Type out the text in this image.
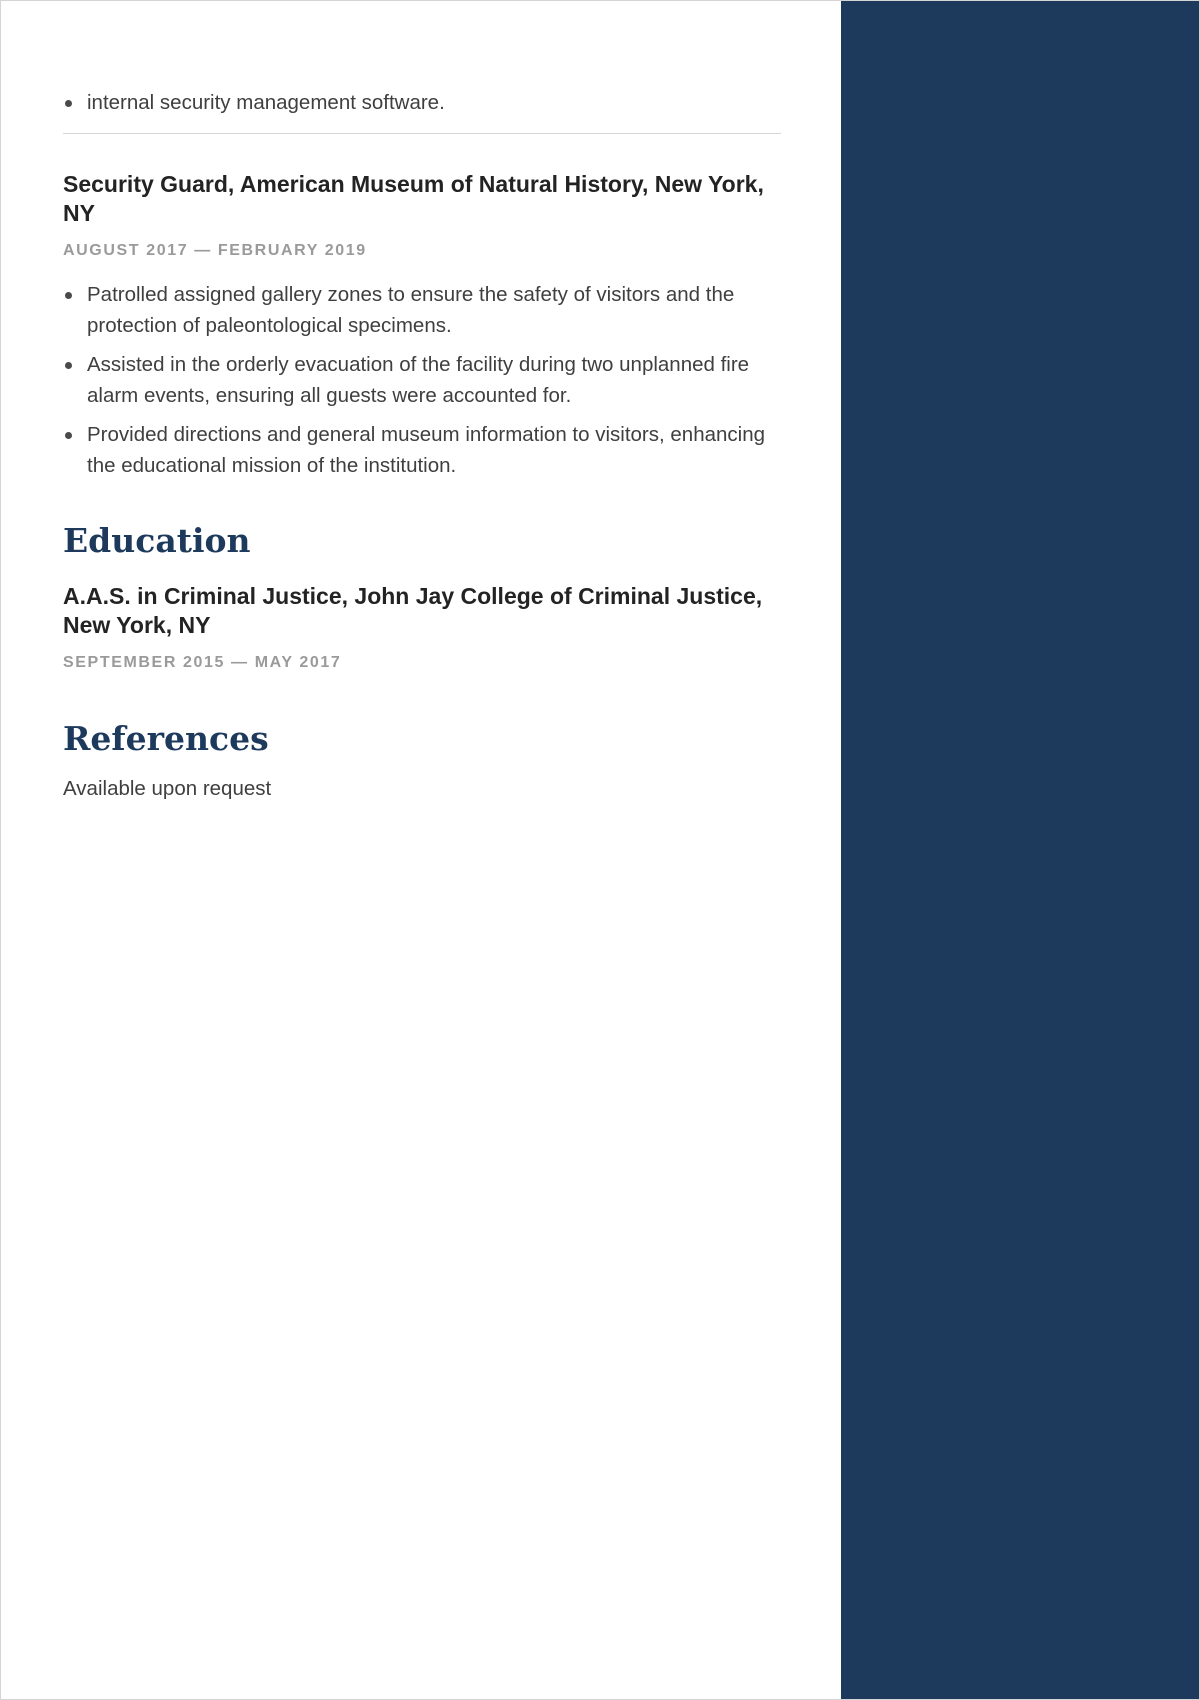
internal security management software.
Security Guard, American Museum of Natural History, New York, NY
AUGUST 2017 — FEBRUARY 2019
Patrolled assigned gallery zones to ensure the safety of visitors and the protection of paleontological specimens.
Assisted in the orderly evacuation of the facility during two unplanned fire alarm events, ensuring all guests were accounted for.
Provided directions and general museum information to visitors, enhancing the educational mission of the institution.
Education
A.A.S. in Criminal Justice, John Jay College of Criminal Justice, New York, NY
SEPTEMBER 2015 — MAY 2017
References
Available upon request
